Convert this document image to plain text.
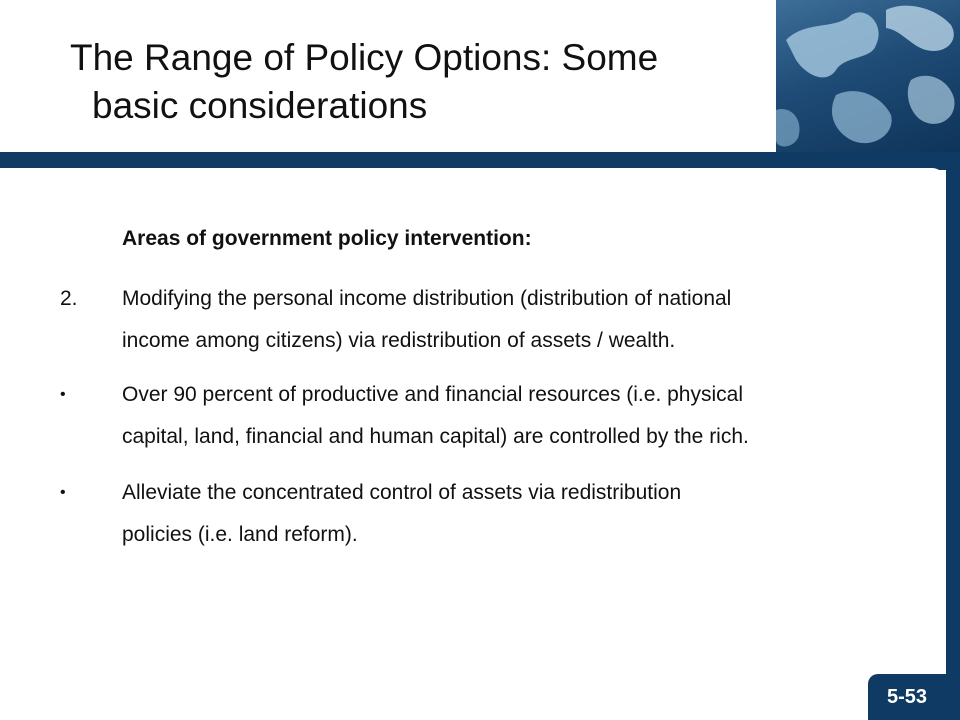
The Range of Policy Options: Some
basic considerations
Areas of government policy intervention:
2. Modifying the personal income distribution (distribution of national
income among citizens) via redistribution of assets / wealth.
•	Over 90 percent of productive and financial resources (i.e. physical
capital, land, financial and human capital) are controlled by the rich.
•	Alleviate the concentrated control of assets via redistribution
policies (i.e. land reform).
5-53
